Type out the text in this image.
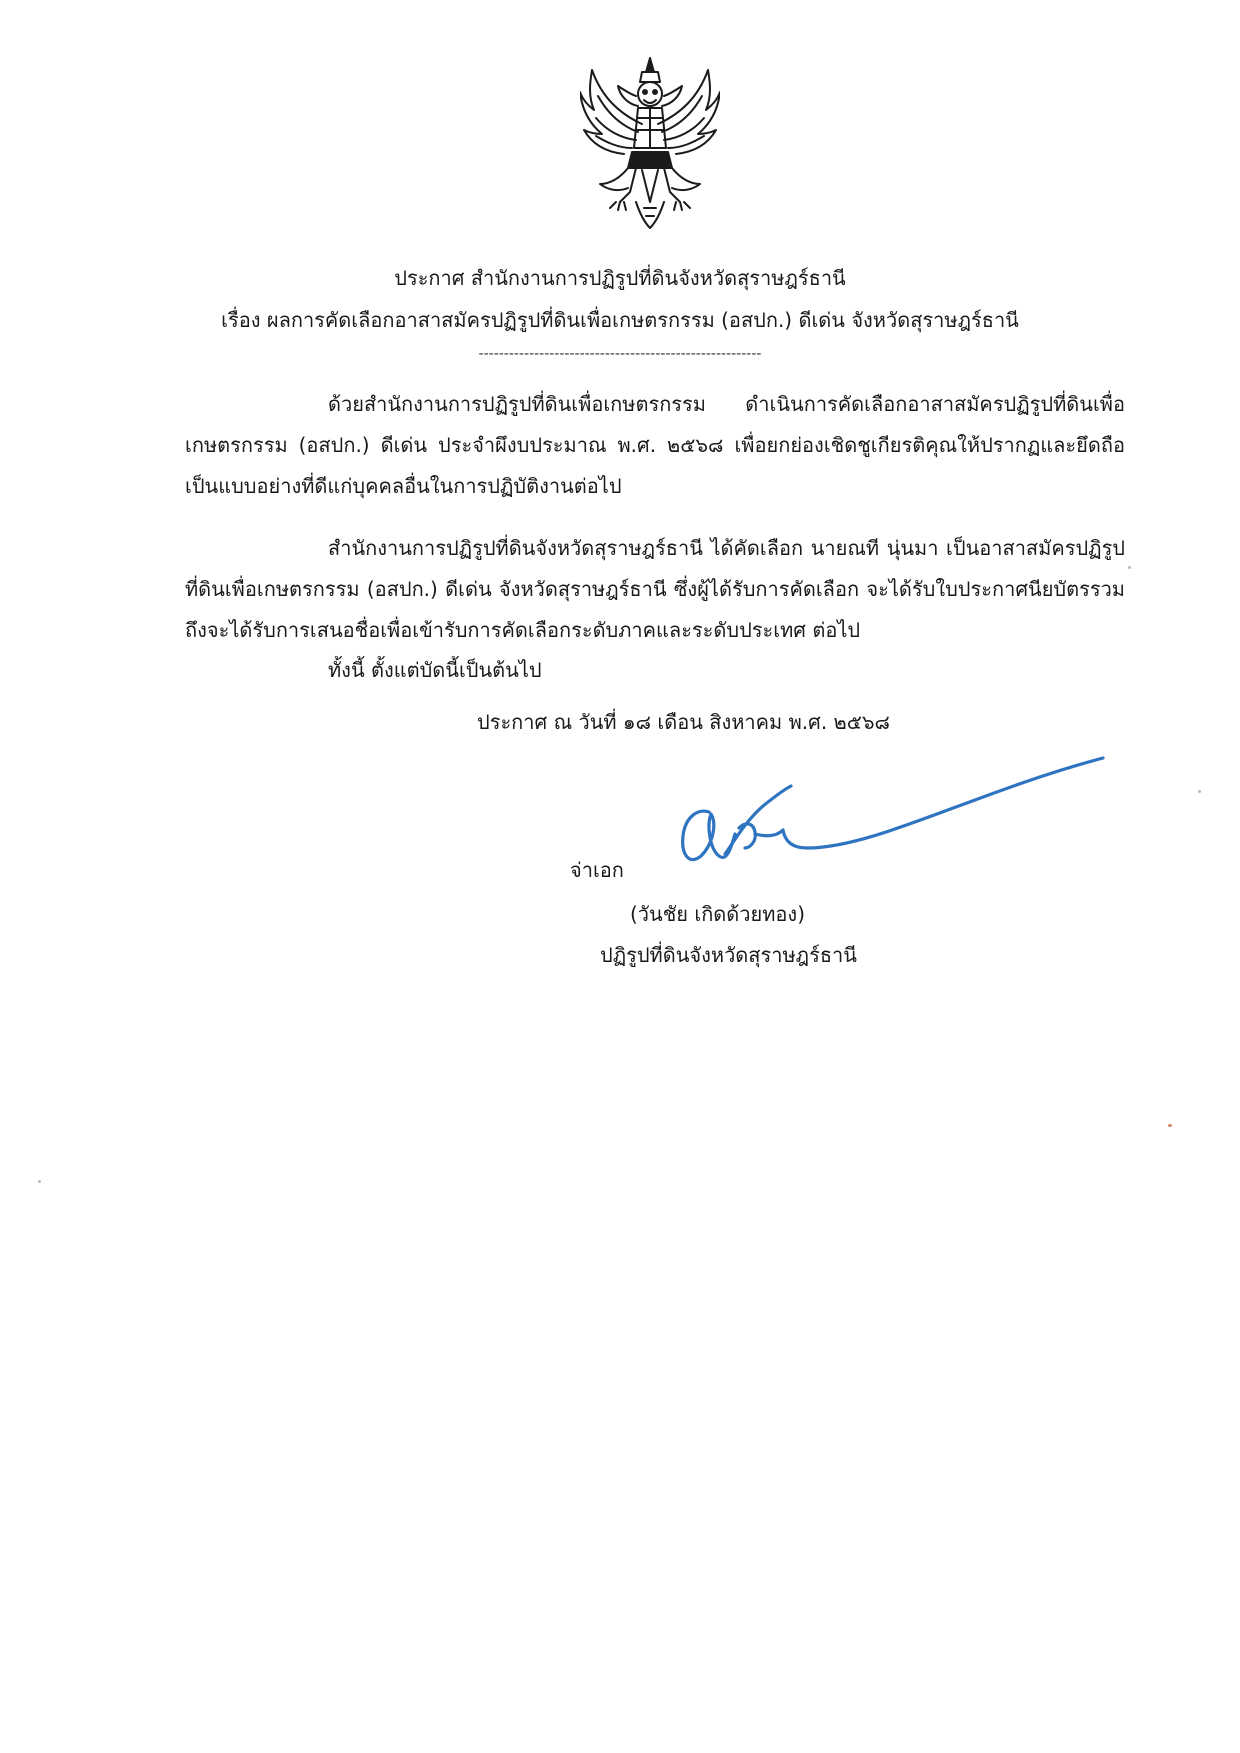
ประกาศ สำนักงานการปฏิรูปที่ดินจังหวัดสุราษฎร์ธานี
เรื่อง ผลการคัดเลือกอาสาสมัครปฏิรูปที่ดินเพื่อเกษตรกรรม (อสปก.) ดีเด่น จังหวัดสุราษฎร์ธานี
--------------------------------------------------------
ด้วยสำนักงานการปฏิรูปที่ดินเพื่อเกษตรกรรม ดำเนินการคัดเลือกอาสาสมัครปฏิรูปที่ดินเพื่อเกษตรกรรม (อสปก.) ดีเด่น ประจำผึงบประมาณ พ.ศ. ๒๕๖๘ เพื่อยกย่องเชิดชูเกียรติคุณให้ปรากฏและยึดถือเป็นแบบอย่างที่ดีแก่บุคคลอื่นในการปฏิบัติงานต่อไป
สำนักงานการปฏิรูปที่ดินจังหวัดสุราษฎร์ธานี ได้คัดเลือก นายณที นุ่นมา เป็นอาสาสมัครปฏิรูปที่ดินเพื่อเกษตรกรรม (อสปก.) ดีเด่น จังหวัดสุราษฎร์ธานี ซึ่งผู้ได้รับการคัดเลือก จะได้รับใบประกาศนียบัตรรวมถึงจะได้รับการเสนอชื่อเพื่อเข้ารับการคัดเลือกระดับภาคและระดับประเทศ ต่อไป
ทั้งนี้ ตั้งแต่บัดนี้เป็นต้นไป
ประกาศ ณ วันที่ ๑๘ เดือน สิงหาคม พ.ศ. ๒๕๖๘
จ่าเอก
(วันชัย เกิดด้วยทอง)
ปฏิรูปที่ดินจังหวัดสุราษฎร์ธานี
